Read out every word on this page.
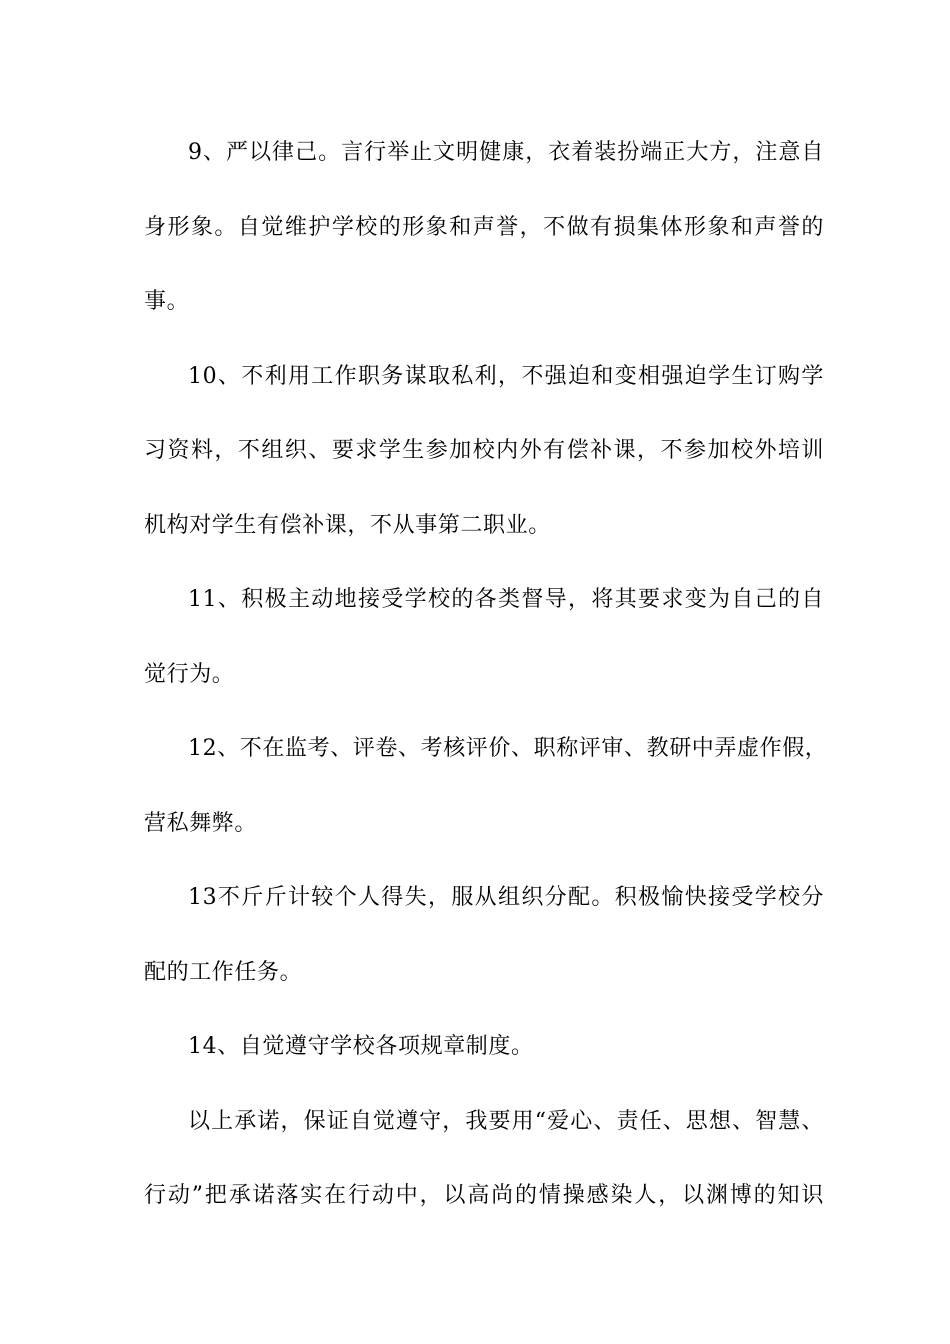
9、严以律己。言行举止文明健康，衣着装扮端正大方，注意自
身形象。自觉维护学校的形象和声誉，不做有损集体形象和声誉的
事。
10、不利用工作职务谋取私利，不强迫和变相强迫学生订购学
习资料，不组织、要求学生参加校内外有偿补课，不参加校外培训
机构对学生有偿补课，不从事第二职业。
11、积极主动地接受学校的各类督导，将其要求变为自己的自
觉行为。
12、不在监考、评卷、考核评价、职称评审、教研中弄虚作假，
营私舞弊。
13不斤斤计较个人得失，服从组织分配。积极愉快接受学校分
配的工作任务。
14、自觉遵守学校各项规章制度。
以上承诺，保证自觉遵守，我要用“爱心、责任、思想、智慧、
行动”把承诺落实在行动中，以高尚的情操感染人，以渊博的知识
